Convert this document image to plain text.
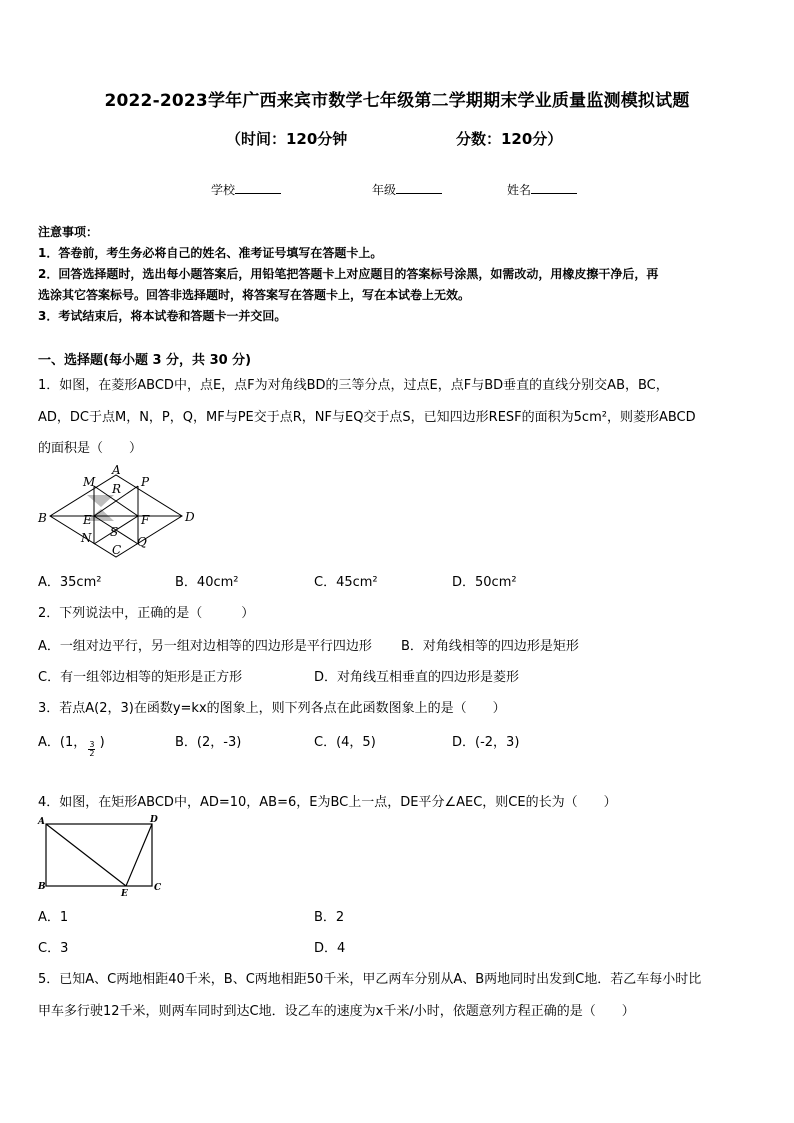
2022-2023学年广西来宾市数学七年级第二学期期末学业质量监测模拟试题
（时间：120分钟	分数：120分）
学校	年级	姓名
注意事项：
1．答卷前，考生务必将自己的姓名、准考证号填写在答题卡上。
2．回答选择题时，选出每小题答案后，用铅笔把答题卡上对应题目的答案标号涂黑，如需改动，用橡皮擦干净后，再
选涂其它答案标号。回答非选择题时，将答案写在答题卡上，写在本试卷上无效。
3．考试结束后，将本试卷和答题卡一并交回。
一、选择题(每小题 3 分，共 30 分)
1．如图，在菱形ABCD中，点E，点F为对角线BD的三等分点，过点E，点F与BD垂直的直线分别交AB，BC，
AD，DC于点M，N，P，Q，MF与PE交于点R，NF与EQ交于点S，已知四边形RESF的面积为5cm²，则菱形ABCD
的面积是（　　）
A
B
C
D
M
N
P
Q
R
S
E	F
A．35cm²	B．40cm²	C．45cm²	D．50cm²
2．下列说法中，正确的是（　　　）
A．一组对边平行，另一组对边相等的四边形是平行四边形 B．对角线相等的四边形是矩形
C．有一组邻边相等的矩形是正方形	D．对角线互相垂直的四边形是菱形
3．若点A(2，3)在函数y=kx的图象上，则下列各点在此函数图象上的是（　　）
A．(1， $\frac{3}{2}$ )	B．(2，-3)	C．(4，5)	D．(-2，3)
4．如图，在矩形ABCD中，AD=10，AB=6，E为BC上一点，DE平分∠AEC，则CE的长为（　　）
A	D
B	C
E
A．1	B．2
C．3	D．4
5．已知A、C两地相距40千米，B、C两地相距50千米，甲乙两车分别从A、B两地同时出发到C地．若乙车每小时比
甲车多行驶12千米，则两车同时到达C地．设乙车的速度为x千米/小时，依题意列方程正确的是（　　）
